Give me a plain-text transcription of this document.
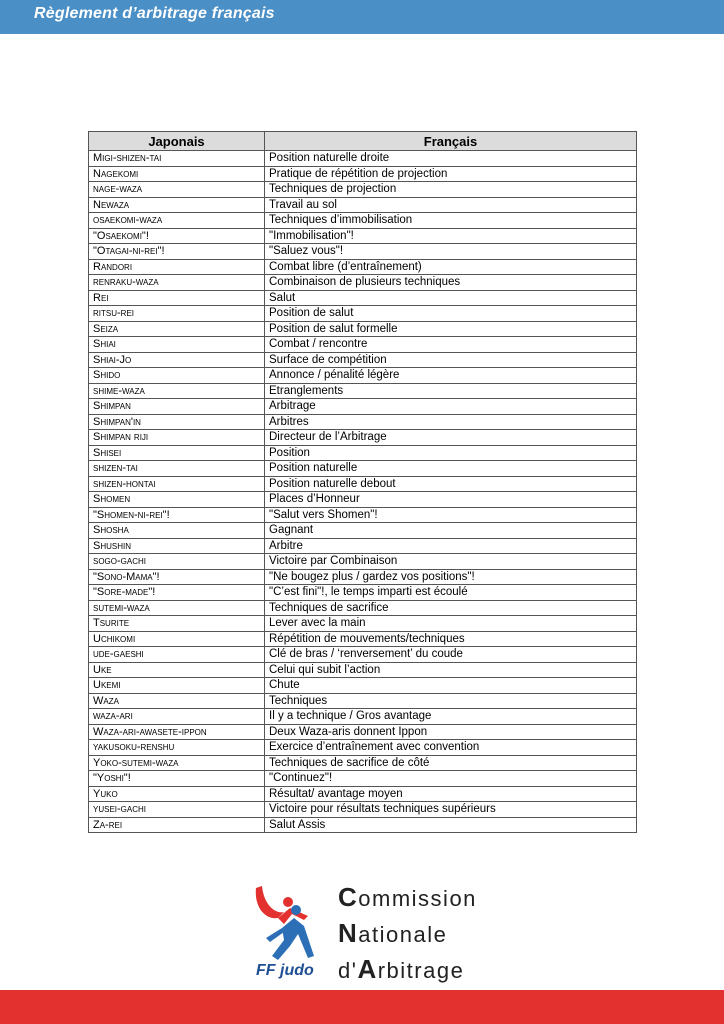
Règlement d’arbitrage français
Japonais	Français
Migi-shizen-tai	Position naturelle droite
Nagekomi	Pratique de répétition de projection
nage-waza	Techniques de projection
Newaza	Travail au sol
osaekomi-waza	Techniques d’immobilisation
"Osaekomi"!	"Immobilisation"!
"Otagai-ni-rei"!	"Saluez vous"!
Randori	Combat libre (d’entraînement)
renraku-waza	Combinaison de plusieurs techniques
Rei	Salut
ritsu-rei	Position de salut
Seiza	Position de salut formelle
Shiai	Combat / rencontre
Shiai-Jo	Surface de compétition
Shido	Annonce / pénalité légère
shime-waza	Etranglements
Shimpan	Arbitrage
Shimpan'in	Arbitres
Shimpan riji	Directeur de l’Arbitrage
Shisei	Position
shizen-tai	Position naturelle
shizen-hontai	Position naturelle debout
Shomen	Places d’Honneur
"Shomen-ni-rei"!	"Salut vers Shomen"!
Shosha	Gagnant
Shushin	Arbitre
sogo-gachi	Victoire par Combinaison
"Sono-Mama"!	"Ne bougez plus / gardez vos positions"!
"Sore-made"!	"C’est fini"!, le temps imparti est écoulé
sutemi-waza	Techniques de sacrifice
Tsurite	Lever avec la main
Uchikomi	Répétition de mouvements/techniques
ude-gaeshi	Clé de bras / ‘renversement’ du coude
Uke	Celui qui subit l’action
Ukemi	Chute
Waza	Techniques
waza-ari	Il y a technique / Gros avantage
Waza-ari-awasete-ippon	Deux Waza-aris donnent Ippon
yakusoku-renshu	Exercice d’entraînement avec convention
Yoko-sutemi-waza	Techniques de sacrifice de côté
"Yoshi"!	"Continuez"!
Yuko	Résultat/ avantage moyen
yusei-gachi	Victoire pour résultats techniques supérieurs
Za-rei	Salut Assis
FF judo
Commission
Nationale
d'Arbitrage
